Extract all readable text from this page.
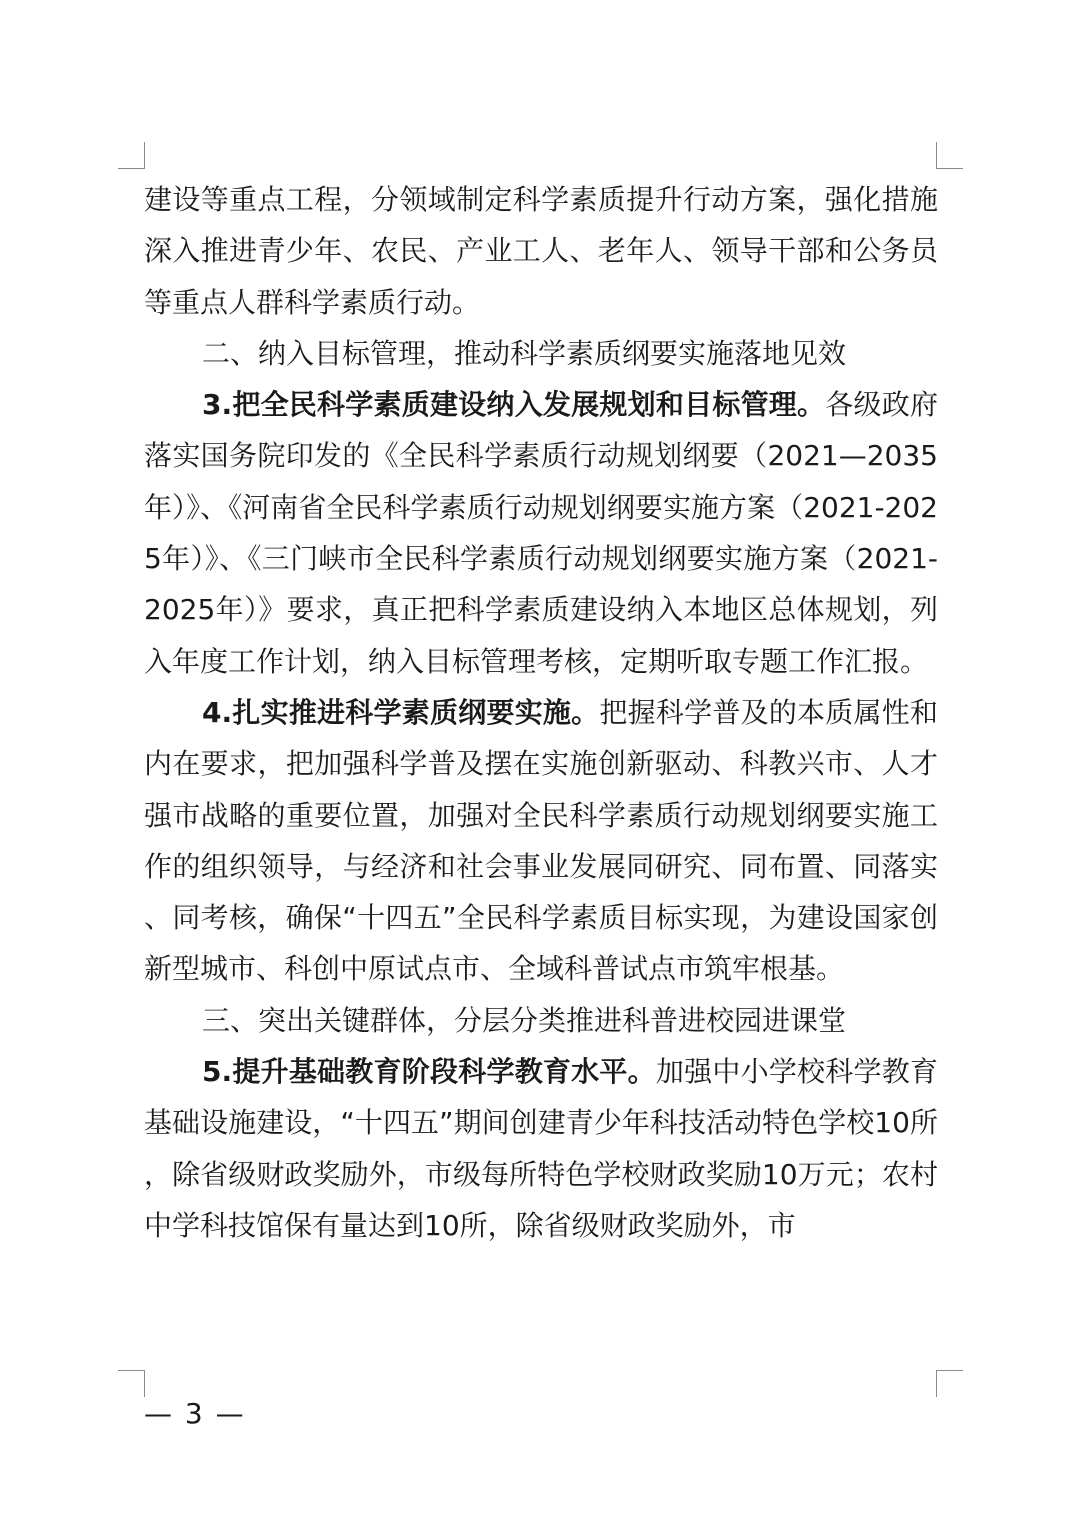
建设等重点工程，分领域制定科学素质提升行动方案，强化措施深入推进青少年、农民、产业工人、老年人、领导干部和公务员等重点人群科学素质行动。

二、纳入目标管理，推动科学素质纲要实施落地见效

3.把全民科学素质建设纳入发展规划和目标管理。各级政府落实国务院印发的《全民科学素质行动规划纲要（2021—2035年）》、《河南省全民科学素质行动规划纲要实施方案（2021-2025年）》、《三门峡市全民科学素质行动规划纲要实施方案（2021-2025年）》要求，真正把科学素质建设纳入本地区总体规划，列入年度工作计划，纳入目标管理考核，定期听取专题工作汇报。

4.扎实推进科学素质纲要实施。把握科学普及的本质属性和内在要求，把加强科学普及摆在实施创新驱动、科教兴市、人才强市战略的重要位置，加强对全民科学素质行动规划纲要实施工作的组织领导，与经济和社会事业发展同研究、同布置、同落实、同考核，确保“十四五”全民科学素质目标实现，为建设国家创新型城市、科创中原试点市、全域科普试点市筑牢根基。

三、突出关键群体，分层分类推进科普进校园进课堂

5.提升基础教育阶段科学教育水平。加强中小学校科学教育基础设施建设，“十四五”期间创建青少年科技活动特色学校10所，除省级财政奖励外，市级每所特色学校财政奖励10万元；农村中学科技馆保有量达到10所，除省级财政奖励外，市

— 3 —
